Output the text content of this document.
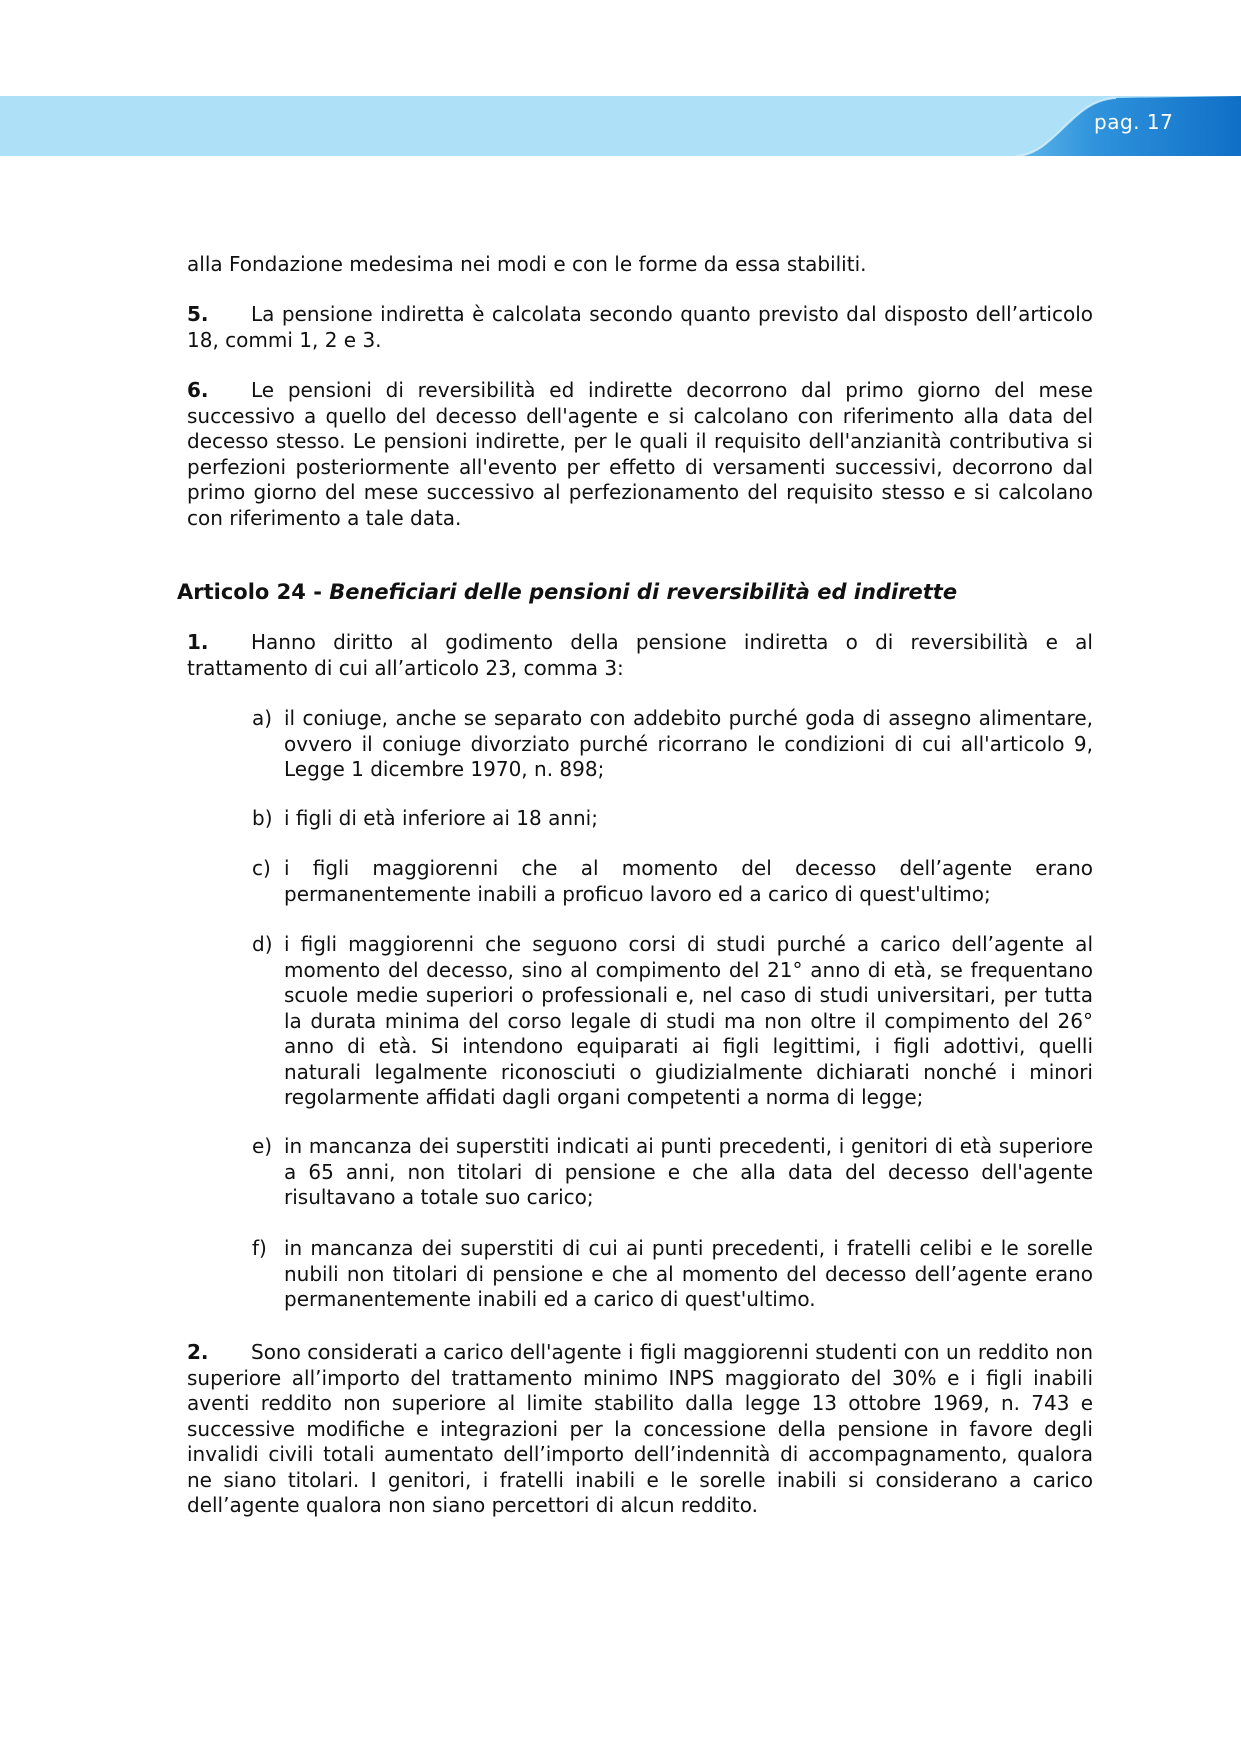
pag. 17

alla Fondazione medesima nei modi e con le forme da essa stabiliti.

5. La pensione indiretta è calcolata secondo quanto previsto dal disposto dell’articolo 18, commi 1, 2 e 3.

6. Le pensioni di reversibilità ed indirette decorrono dal primo giorno del mese successivo a quello del decesso dell'agente e si calcolano con riferimento alla data del decesso stesso. Le pensioni indirette, per le quali il requisito dell'anzianità contributiva si perfezioni posteriormente all'evento per effetto di versamenti successivi, decorrono dal primo giorno del mese successivo al perfezionamento del requisito stesso e si calcolano con riferimento a tale data.

1. Hanno diritto al godimento della pensione indiretta o di reversibilità e al trattamento di cui all’articolo 23, comma 3:

2. Sono considerati a carico dell'agente i figli maggiorenni studenti con un reddito non superiore all’importo del trattamento minimo INPS maggiorato del 30% e i figli inabili aventi reddito non superiore al limite stabilito dalla legge 13 ottobre 1969, n. 743 e successive modifiche e integrazioni per la concessione della pensione in favore degli invalidi civili totali aumentato dell’importo dell’indennità di accompagnamento, qualora ne siano titolari. I genitori, i fratelli inabili e le sorelle inabili si considerano a carico dell’agente qualora non siano percettori di alcun reddito.

Articolo 24 - Beneficiari delle pensioni di reversibilità ed indirette
a) il coniuge, anche se separato con addebito purché goda di assegno alimentare, ovvero il coniuge divorziato purché ricorrano le condizioni di cui all'articolo 9, Legge 1 dicembre 1970, n. 898;

b) i figli di età inferiore ai 18 anni;

c) i figli maggiorenni che al momento del decesso dell’agente erano permanentemente inabili a proficuo lavoro ed a carico di quest'ultimo;

d) i figli maggiorenni che seguono corsi di studi purché a carico dell’agente al momento del decesso, sino al compimento del 21° anno di età, se frequentano scuole medie superiori o professionali e, nel caso di studi universitari, per tutta la durata minima del corso legale di studi ma non oltre il compimento del 26° anno di età. Si intendono equiparati ai figli legittimi, i figli adottivi, quelli naturali legalmente riconosciuti o giudizialmente dichiarati nonché i minori regolarmente affidati dagli organi competenti a norma di legge;

e) in mancanza dei superstiti indicati ai punti precedenti, i genitori di età superiore a 65 anni, non titolari di pensione e che alla data del decesso dell'agente risultavano a totale suo carico;

f) in mancanza dei superstiti di cui ai punti precedenti, i fratelli celibi e le sorelle nubili non titolari di pensione e che al momento del decesso dell’agente erano permanentemente inabili ed a carico di quest'ultimo.
